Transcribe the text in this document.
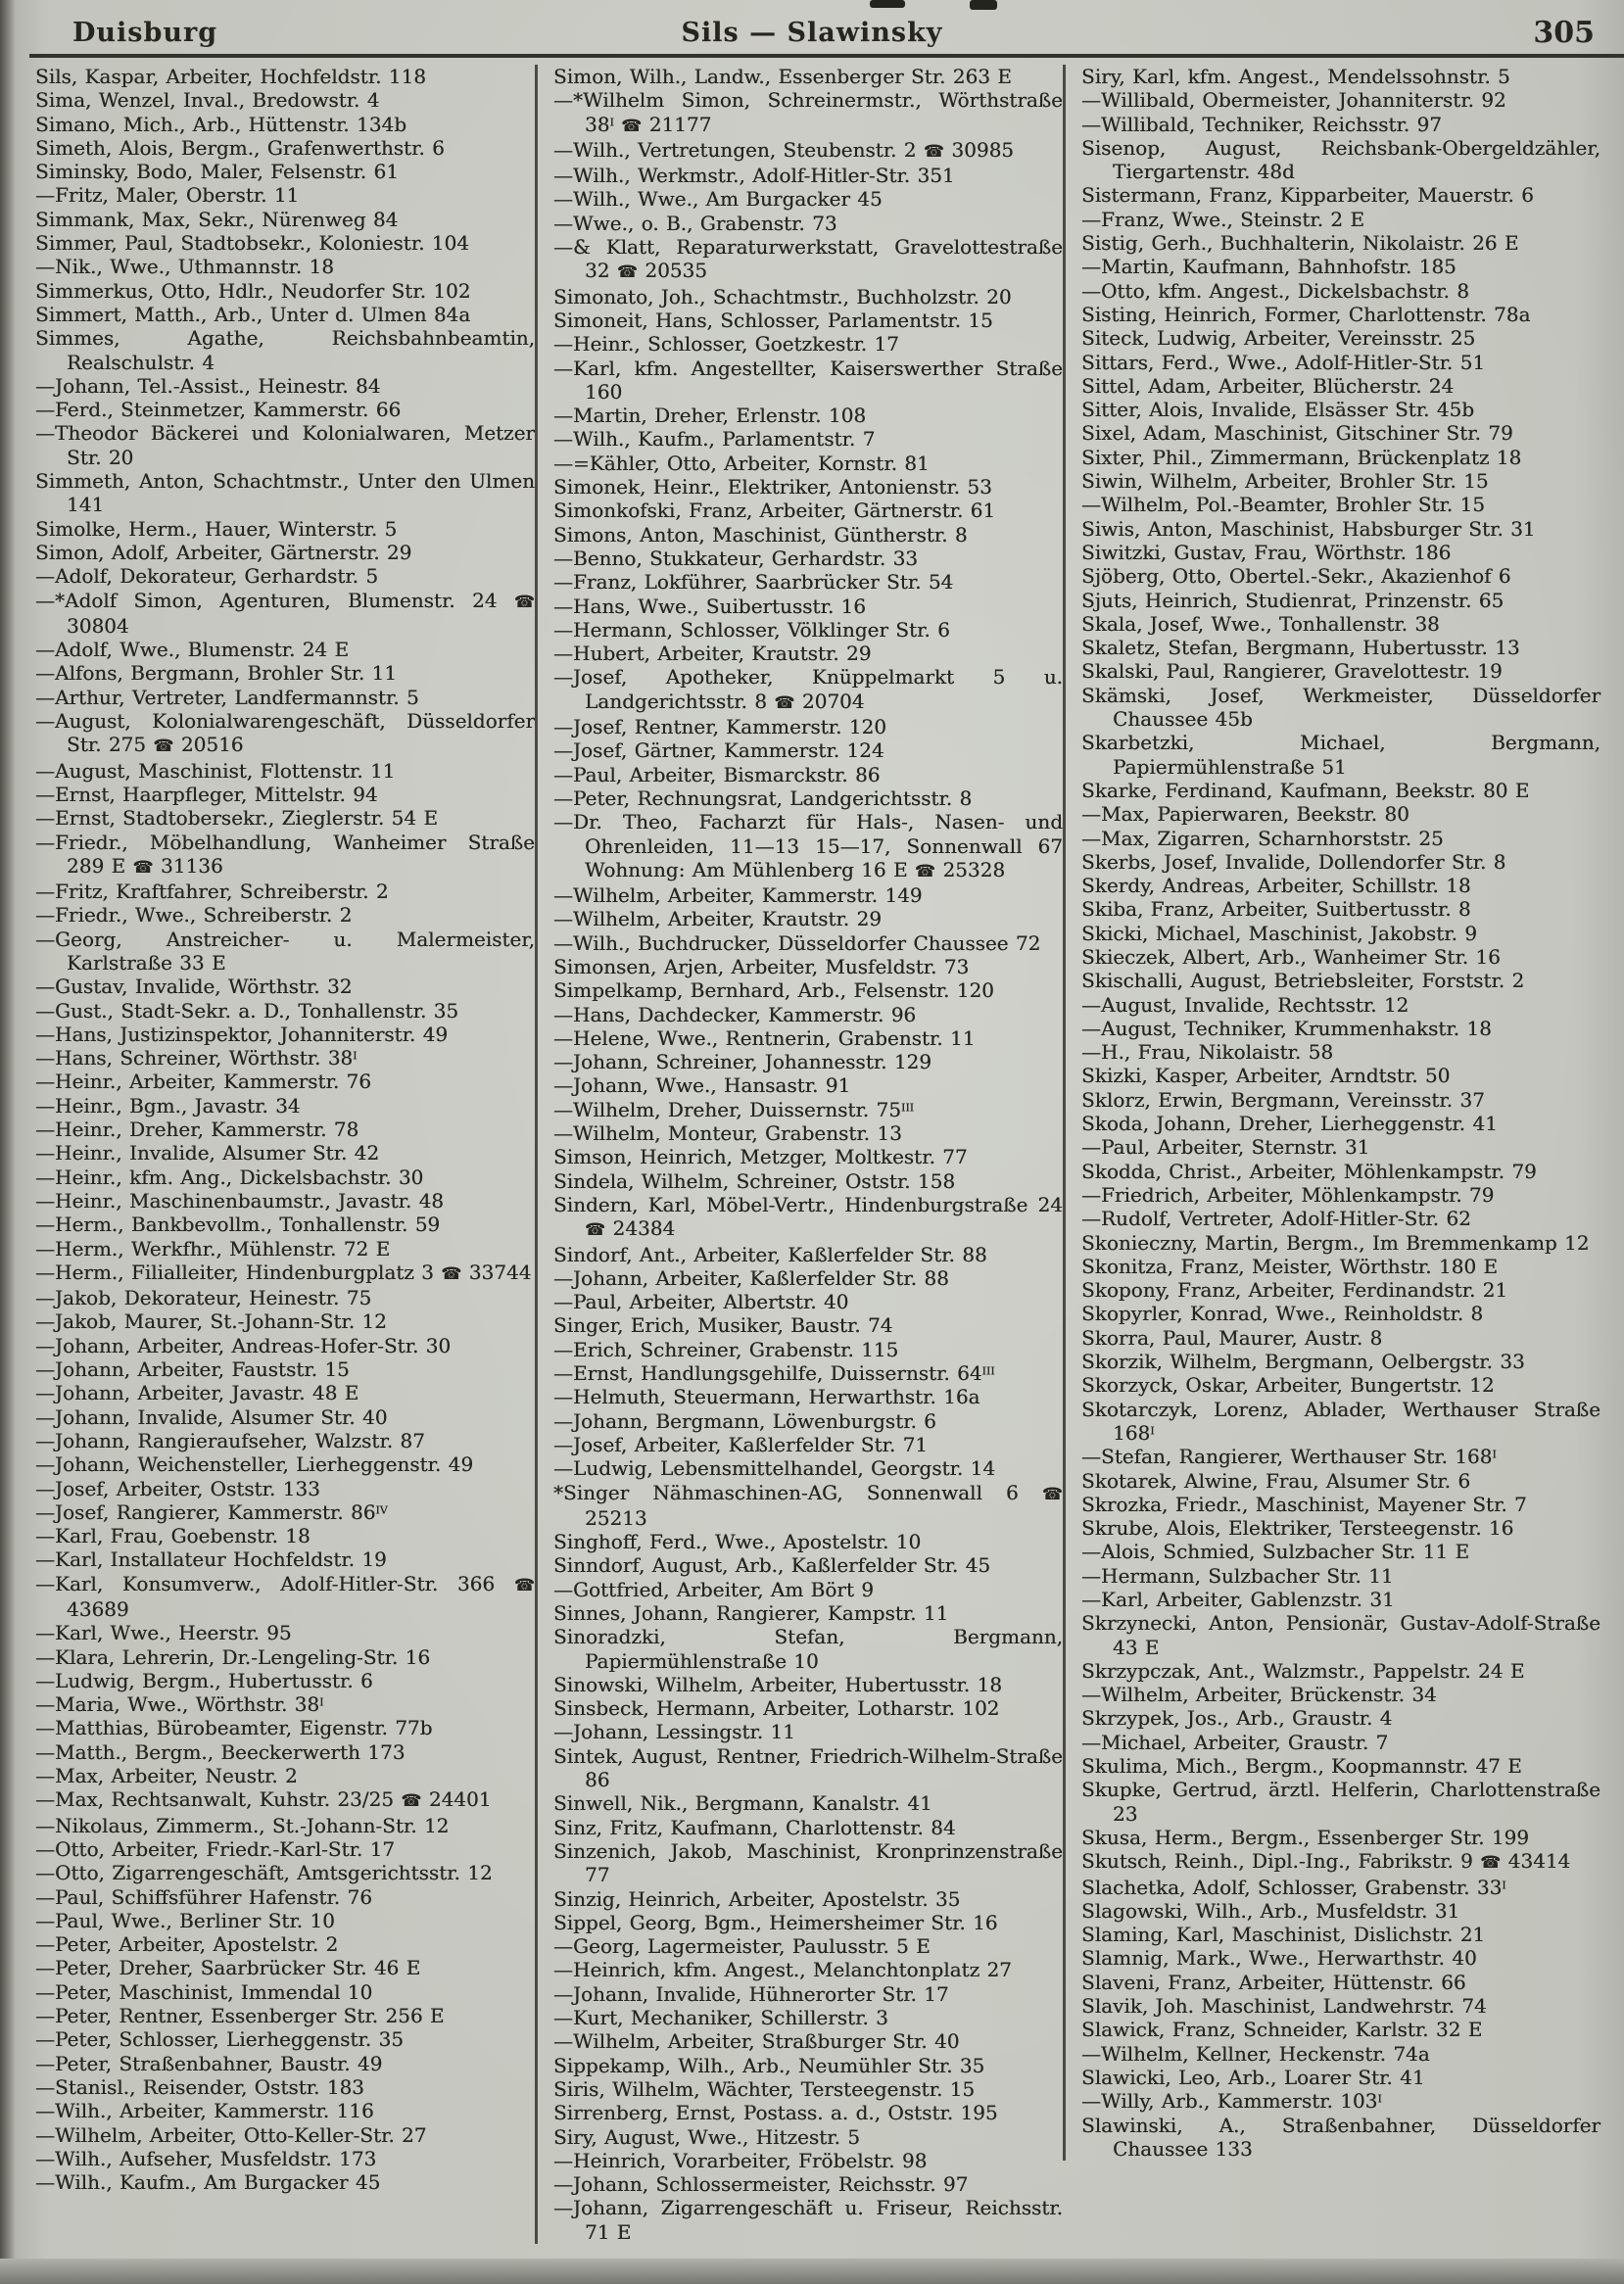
Duisburg	Sils — Slawinsky	305
Sils, Kaspar, Arbeiter, Hochfeldstr. 118
Sima, Wenzel, Inval., Bredowstr. 4
Simano, Mich., Arb., Hüttenstr. 134b
Simeth, Alois, Bergm., Grafenwerthstr. 6
Siminsky, Bodo, Maler, Felsenstr. 61
—Fritz, Maler, Oberstr. 11
Simmank, Max, Sekr., Nürenweg 84
Simmer, Paul, Stadtobsekr., Koloniestr. 104
—Nik., Wwe., Uthmannstr. 18
Simmerkus, Otto, Hdlr., Neudorfer Str. 102
Simmert, Matth., Arb., Unter d. Ulmen 84a
Simmes, Agathe, Reichsbahnbeamtin, Realschulstr. 4
—Johann, Tel.-Assist., Heinestr. 84
—Ferd., Steinmetzer, Kammerstr. 66
—Theodor Bäckerei und Kolonialwaren, Metzer Str. 20
Simmeth, Anton, Schachtmstr., Unter den Ulmen 141
Simolke, Herm., Hauer, Winterstr. 5
Simon, Adolf, Arbeiter, Gärtnerstr. 29
—Adolf, Dekorateur, Gerhardstr. 5
—*Adolf Simon, Agenturen, Blumenstr. 24 ☎ 30804
—Adolf, Wwe., Blumenstr. 24 E
—Alfons, Bergmann, Brohler Str. 11
—Arthur, Vertreter, Landfermannstr. 5
—August, Kolonialwarengeschäft, Düsseldorfer Str. 275 ☎ 20516
—August, Maschinist, Flottenstr. 11
—Ernst, Haarpfleger, Mittelstr. 94
—Ernst, Stadtobersekr., Zieglerstr. 54 E
—Friedr., Möbelhandlung, Wanheimer Straße 289 E ☎ 31136
—Fritz, Kraftfahrer, Schreiberstr. 2
—Friedr., Wwe., Schreiberstr. 2
—Georg, Anstreicher- u. Malermeister, Karlstraße 33 E
—Gustav, Invalide, Wörthstr. 32
—Gust., Stadt-Sekr. a. D., Tonhallenstr. 35
—Hans, Justizinspektor, Johanniterstr. 49
—Hans, Schreiner, Wörthstr. $38^I$
—Heinr., Arbeiter, Kammerstr. 76
—Heinr., Bgm., Javastr. 34
—Heinr., Dreher, Kammerstr. 78
—Heinr., Invalide, Alsumer Str. 42
—Heinr., kfm. Ang., Dickelsbachstr. 30
—Heinr., Maschinenbaumstr., Javastr. 48
—Herm., Bankbevollm., Tonhallenstr. 59
—Herm., Werkfhr., Mühlenstr. 72 E
—Herm., Filialleiter, Hindenburgplatz 3 ☎ 33744
—Jakob, Dekorateur, Heinestr. 75
—Jakob, Maurer, St.-Johann-Str. 12
—Johann, Arbeiter, Andreas-Hofer-Str. 30
—Johann, Arbeiter, Fauststr. 15
—Johann, Arbeiter, Javastr. 48 E
—Johann, Invalide, Alsumer Str. 40
—Johann, Rangieraufseher, Walzstr. 87
—Johann, Weichensteller, Lierheggenstr. 49
—Josef, Arbeiter, Oststr. 133
—Josef, Rangierer, Kammerstr. $86^{IV}$
—Karl, Frau, Goebenstr. 18
—Karl, Installateur Hochfeldstr. 19
—Karl, Konsumverw., Adolf-Hitler-Str. 366 ☎ 43689
—Karl, Wwe., Heerstr. 95
—Klara, Lehrerin, Dr.-Lengeling-Str. 16
—Ludwig, Bergm., Hubertusstr. 6
—Maria, Wwe., Wörthstr. $38^I$
—Matthias, Bürobeamter, Eigenstr. 77b
—Matth., Bergm., Beeckerwerth 173
—Max, Arbeiter, Neustr. 2
—Max, Rechtsanwalt, Kuhstr. 23/25 ☎ 24401
—Nikolaus, Zimmerm., St.-Johann-Str. 12
—Otto, Arbeiter, Friedr.-Karl-Str. 17
—Otto, Zigarrengeschäft, Amtsgerichtsstr. 12
—Paul, Schiffsführer Hafenstr. 76
—Paul, Wwe., Berliner Str. 10
—Peter, Arbeiter, Apostelstr. 2
—Peter, Dreher, Saarbrücker Str. 46 E
—Peter, Maschinist, Immendal 10
—Peter, Rentner, Essenberger Str. 256 E
—Peter, Schlosser, Lierheggenstr. 35
—Peter, Straßenbahner, Baustr. 49
—Stanisl., Reisender, Oststr. 183
—Wilh., Arbeiter, Kammerstr. 116
—Wilhelm, Arbeiter, Otto-Keller-Str. 27
—Wilh., Aufseher, Musfeldstr. 173
—Wilh., Kaufm., Am Burgacker 45
Simon, Wilh., Landw., Essenberger Str. 263 E
—*Wilhelm Simon, Schreinermstr., Wörthstraße $38^I$ ☎ 21177
—Wilh., Vertretungen, Steubenstr. 2 ☎ 30985
—Wilh., Werkmstr., Adolf-Hitler-Str. 351
—Wilh., Wwe., Am Burgacker 45
—Wwe., o. B., Grabenstr. 73
—& Klatt, Reparaturwerkstatt, Gravelottestraße 32 ☎ 20535
Simonato, Joh., Schachtmstr., Buchholzstr. 20
Simoneit, Hans, Schlosser, Parlamentstr. 15
—Heinr., Schlosser, Goetzkestr. 17
—Karl, kfm. Angestellter, Kaiserswerther Straße 160
—Martin, Dreher, Erlenstr. 108
—Wilh., Kaufm., Parlamentstr. 7
—=Kähler, Otto, Arbeiter, Kornstr. 81
Simonek, Heinr., Elektriker, Antonienstr. 53
Simonkofski, Franz, Arbeiter, Gärtnerstr. 61
Simons, Anton, Maschinist, Güntherstr. 8
—Benno, Stukkateur, Gerhardstr. 33
—Franz, Lokführer, Saarbrücker Str. 54
—Hans, Wwe., Suibertusstr. 16
—Hermann, Schlosser, Völklinger Str. 6
—Hubert, Arbeiter, Krautstr. 29
—Josef, Apotheker, Knüppelmarkt 5 u. Landgerichtsstr. 8 ☎ 20704
—Josef, Rentner, Kammerstr. 120
—Josef, Gärtner, Kammerstr. 124
—Paul, Arbeiter, Bismarckstr. 86
—Peter, Rechnungsrat, Landgerichtsstr. 8
—Dr. Theo, Facharzt für Hals-, Nasen- und Ohrenleiden, 11—13 15—17, Sonnenwall 67 Wohnung: Am Mühlenberg 16 E ☎ 25328
—Wilhelm, Arbeiter, Kammerstr. 149
—Wilhelm, Arbeiter, Krautstr. 29
—Wilh., Buchdrucker, Düsseldorfer Chaussee 72
Simonsen, Arjen, Arbeiter, Musfeldstr. 73
Simpelkamp, Bernhard, Arb., Felsenstr. 120
—Hans, Dachdecker, Kammerstr. 96
—Helene, Wwe., Rentnerin, Grabenstr. 11
—Johann, Schreiner, Johannesstr. 129
—Johann, Wwe., Hansastr. 91
—Wilhelm, Dreher, Duissernstr. $75^{III}$
—Wilhelm, Monteur, Grabenstr. 13
Simson, Heinrich, Metzger, Moltkestr. 77
Sindela, Wilhelm, Schreiner, Oststr. 158
Sindern, Karl, Möbel-Vertr., Hindenburgstraße 24 ☎ 24384
Sindorf, Ant., Arbeiter, Kaßlerfelder Str. 88
—Johann, Arbeiter, Kaßlerfelder Str. 88
—Paul, Arbeiter, Albertstr. 40
Singer, Erich, Musiker, Baustr. 74
—Erich, Schreiner, Grabenstr. 115
—Ernst, Handlungsgehilfe, Duissernstr. $64^{III}$
—Helmuth, Steuermann, Herwarthstr. 16a
—Johann, Bergmann, Löwenburgstr. 6
—Josef, Arbeiter, Kaßlerfelder Str. 71
—Ludwig, Lebensmittelhandel, Georgstr. 14
*Singer Nähmaschinen-AG, Sonnenwall 6 ☎ 25213
Singhoff, Ferd., Wwe., Apostelstr. 10
Sinndorf, August, Arb., Kaßlerfelder Str. 45
—Gottfried, Arbeiter, Am Bört 9
Sinnes, Johann, Rangierer, Kampstr. 11
Sinoradzki, Stefan, Bergmann, Papiermühlenstraße 10
Sinowski, Wilhelm, Arbeiter, Hubertusstr. 18
Sinsbeck, Hermann, Arbeiter, Lotharstr. 102
—Johann, Lessingstr. 11
Sintek, August, Rentner, Friedrich-Wilhelm-Straße 86
Sinwell, Nik., Bergmann, Kanalstr. 41
Sinz, Fritz, Kaufmann, Charlottenstr. 84
Sinzenich, Jakob, Maschinist, Kronprinzenstraße 77
Sinzig, Heinrich, Arbeiter, Apostelstr. 35
Sippel, Georg, Bgm., Heimersheimer Str. 16
—Georg, Lagermeister, Paulusstr. 5 E
—Heinrich, kfm. Angest., Melanchtonplatz 27
—Johann, Invalide, Hühnerorter Str. 17
—Kurt, Mechaniker, Schillerstr. 3
—Wilhelm, Arbeiter, Straßburger Str. 40
Sippekamp, Wilh., Arb., Neumühler Str. 35
Siris, Wilhelm, Wächter, Tersteegenstr. 15
Sirrenberg, Ernst, Postass. a. d., Oststr. 195
Siry, August, Wwe., Hitzestr. 5
—Heinrich, Vorarbeiter, Fröbelstr. 98
—Johann, Schlossermeister, Reichsstr. 97
—Johann, Zigarrengeschäft u. Friseur, Reichsstr. 71 E
Siry, Karl, kfm. Angest., Mendelssohnstr. 5
—Willibald, Obermeister, Johanniterstr. 92
—Willibald, Techniker, Reichsstr. 97
Sisenop, August, Reichsbank-Obergeldzähler, Tiergartenstr. 48d
Sistermann, Franz, Kipparbeiter, Mauerstr. 6
—Franz, Wwe., Steinstr. 2 E
Sistig, Gerh., Buchhalterin, Nikolaistr. 26 E
—Martin, Kaufmann, Bahnhofstr. 185
—Otto, kfm. Angest., Dickelsbachstr. 8
Sisting, Heinrich, Former, Charlottenstr. 78a
Siteck, Ludwig, Arbeiter, Vereinsstr. 25
Sittars, Ferd., Wwe., Adolf-Hitler-Str. 51
Sittel, Adam, Arbeiter, Blücherstr. 24
Sitter, Alois, Invalide, Elsässer Str. 45b
Sixel, Adam, Maschinist, Gitschiner Str. 79
Sixter, Phil., Zimmermann, Brückenplatz 18
Siwin, Wilhelm, Arbeiter, Brohler Str. 15
—Wilhelm, Pol.-Beamter, Brohler Str. 15
Siwis, Anton, Maschinist, Habsburger Str. 31
Siwitzki, Gustav, Frau, Wörthstr. 186
Sjöberg, Otto, Obertel.-Sekr., Akazienhof 6
Sjuts, Heinrich, Studienrat, Prinzenstr. 65
Skala, Josef, Wwe., Tonhallenstr. 38
Skaletz, Stefan, Bergmann, Hubertusstr. 13
Skalski, Paul, Rangierer, Gravelottestr. 19
Skämski, Josef, Werkmeister, Düsseldorfer Chaussee 45b
Skarbetzki, Michael, Bergmann, Papiermühlenstraße 51
Skarke, Ferdinand, Kaufmann, Beekstr. 80 E
—Max, Papierwaren, Beekstr. 80
—Max, Zigarren, Scharnhorststr. 25
Skerbs, Josef, Invalide, Dollendorfer Str. 8
Skerdy, Andreas, Arbeiter, Schillstr. 18
Skiba, Franz, Arbeiter, Suitbertusstr. 8
Skicki, Michael, Maschinist, Jakobstr. 9
Skieczek, Albert, Arb., Wanheimer Str. 16
Skischalli, August, Betriebsleiter, Forststr. 2
—August, Invalide, Rechtsstr. 12
—August, Techniker, Krummenhakstr. 18
—H., Frau, Nikolaistr. 58
Skizki, Kasper, Arbeiter, Arndtstr. 50
Sklorz, Erwin, Bergmann, Vereinsstr. 37
Skoda, Johann, Dreher, Lierheggenstr. 41
—Paul, Arbeiter, Sternstr. 31
Skodda, Christ., Arbeiter, Möhlenkampstr. 79
—Friedrich, Arbeiter, Möhlenkampstr. 79
—Rudolf, Vertreter, Adolf-Hitler-Str. 62
Skonieczny, Martin, Bergm., Im Bremmenkamp 12
Skonitza, Franz, Meister, Wörthstr. 180 E
Skopony, Franz, Arbeiter, Ferdinandstr. 21
Skopyrler, Konrad, Wwe., Reinholdstr. 8
Skorra, Paul, Maurer, Austr. 8
Skorzik, Wilhelm, Bergmann, Oelbergstr. 33
Skorzyck, Oskar, Arbeiter, Bungertstr. 12
Skotarczyk, Lorenz, Ablader, Werthauser Straße $168^I$
—Stefan, Rangierer, Werthauser Str. $168^I$
Skotarek, Alwine, Frau, Alsumer Str. 6
Skrozka, Friedr., Maschinist, Mayener Str. 7
Skrube, Alois, Elektriker, Tersteegenstr. 16
—Alois, Schmied, Sulzbacher Str. 11 E
—Hermann, Sulzbacher Str. 11
—Karl, Arbeiter, Gablenzstr. 31
Skrzynecki, Anton, Pensionär, Gustav-Adolf-Straße 43 E
Skrzypczak, Ant., Walzmstr., Pappelstr. 24 E
—Wilhelm, Arbeiter, Brückenstr. 34
Skrzypek, Jos., Arb., Graustr. 4
—Michael, Arbeiter, Graustr. 7
Skulima, Mich., Bergm., Koopmannstr. 47 E
Skupke, Gertrud, ärztl. Helferin, Charlottenstraße 23
Skusa, Herm., Bergm., Essenberger Str. 199
Skutsch, Reinh., Dipl.-Ing., Fabrikstr. 9 ☎ 43414
Slachetka, Adolf, Schlosser, Grabenstr. $33^I$
Slagowski, Wilh., Arb., Musfeldstr. 31
Slaming, Karl, Maschinist, Dislichstr. 21
Slamnig, Mark., Wwe., Herwarthstr. 40
Slaveni, Franz, Arbeiter, Hüttenstr. 66
Slavik, Joh. Maschinist, Landwehrstr. 74
Slawick, Franz, Schneider, Karlstr. 32 E
—Wilhelm, Kellner, Heckenstr. 74a
Slawicki, Leo, Arb., Loarer Str. 41
—Willy, Arb., Kammerstr. $103^I$
Slawinski, A., Straßenbahner, Düsseldorfer Chaussee 133
